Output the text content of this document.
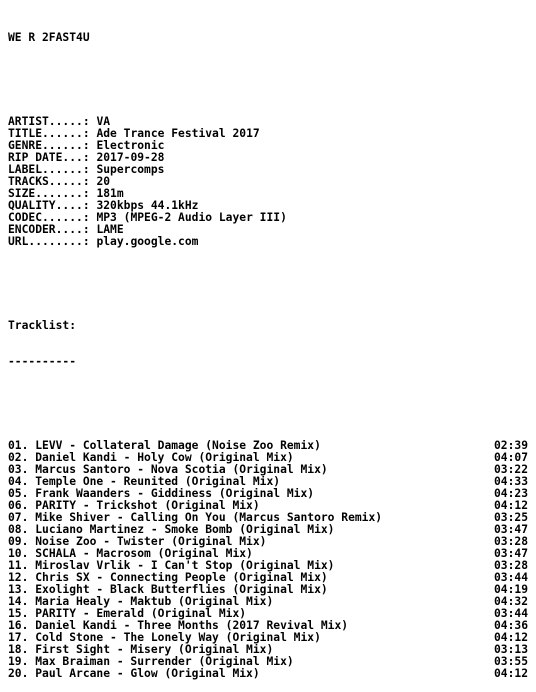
WE R 2FAST4U

ARTIST.....: VA
TITLE......: Ade Trance Festival 2017
GENRE......: Electronic
RIP DATE...: 2017-09-28
LABEL......: Supercomps
TRACKS.....: 20
SIZE.......: 181m
QUALITY....: 320kbps 44.1kHz
CODEC......: MP3 (MPEG-2 Audio Layer III)
ENCODER....: LAME
URL........: play.google.com

Tracklist:

----------

01. LEVV - Collateral Damage (Noise Zoo Remix)	02:39
02. Daniel Kandi - Holy Cow (Original Mix)	04:07
03. Marcus Santoro - Nova Scotia (Original Mix)	03:22
04. Temple One - Reunited (Original Mix)	04:33
05. Frank Waanders - Giddiness (Original Mix)	04:23
06. PARITY - Trickshot (Original Mix)	04:12
07. Mike Shiver - Calling On You (Marcus Santoro Remix)	03:25
08. Luciano Martinez - Smoke Bomb (Original Mix)	03:47
09. Noise Zoo - Twister (Original Mix)	03:28
10. SCHALA - Macrosom (Original Mix)	03:47
11. Miroslav Vrlik - I Can't Stop (Original Mix)	03:28
12. Chris SX - Connecting People (Original Mix)	03:44
13. Exolight - Black Butterflies (Original Mix)	04:19
14. Maria Healy - Maktub (Original Mix)	04:32
15. PARITY - Emerald (Original Mix)	03:44
16. Daniel Kandi - Three Months (2017 Revival Mix)	04:36
17. Cold Stone - The Lonely Way (Original Mix)	04:12
18. First Sight - Misery (Original Mix)	03:13
19. Max Braiman - Surrender (Original Mix)	03:55
20. Paul Arcane - Glow (Original Mix)	04:12
